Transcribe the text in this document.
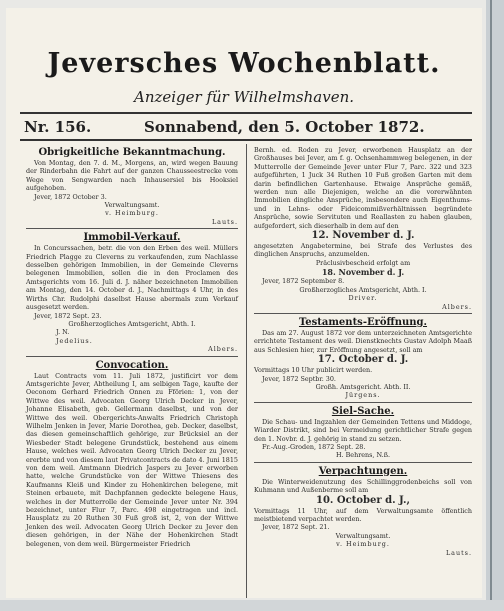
Jeversches Wochenblatt.
Anzeiger für Wilhelmshaven.
Nr. 156.	Sonnabend, den 5. October 1872.

Obrigkeitliche Bekanntmachung.

Von Montag, den 7. d. M., Morgens, an, wird wegen Bauung der Rinderbahn die Fahrt auf der ganzen Chausseestrecke vom Wege von Sengwarden nach Inhausersiel bis Hooksiel aufgehoben.

Jever, 1872 October 3.

Verwaltungsamt.

v. Heimburg.

Lauts.

Immobil-Verkauf.

In Concurssachen, betr. die von den Erben des weil. Müllers Friedrich Plagge zu Cleverns zu verkaufenden, zum Nachlasse desselben gehörigen Immobilien, in der Gemeinde Cleverns belegenen Immobilien, sollen die in den Proclamen des Amtsgerichts vom 16. Juli d. J. näher bezeichneten Immobilien am Montag, den 14. October d. J., Nachmittags 4 Uhr, in des Wirths Chr. Rudolphi daselbst Hause abermals zum Verkauf ausgesetzt werden.

Jever, 1872 Sept. 23.

Großherzogliches Amtsgericht, Abth. I.

J. N.

Jedelius.

Albers.

Convocation.

Laut Contracts vom 11. Juli 1872, justificirt vor dem Amtsgerichte Jever, Abtheilung I, am selbigen Tage, kaufte der Oeconom Gerhard Friedrich Onnen zu Fförien: 1, von der Wittwe des weil. Advocaten Georg Ulrich Decker in Jever, Johanne Elisabeth, geb. Gellermann daselbst, und von der Wittwe des weil. Obergerichts-Anwalts Friedrich Christoph Wilhelm Jenken in Jever, Marie Dorothea, geb. Decker, daselbst, das diesen gemeinschaftlich gehörige, zur Brücksiel an der Wiesbeder Stadt belegene Grundstück, bestehend aus einem Hause, welches weil. Advocaten Georg Ulrich Decker zu Jever, ererbte und von diesem laut Privatcontracts de dato 4. Juni 1815 von dem weil. Amtmann Diedrich Jaspers zu Jever erworben hatte, welche Grundstücke von der Wittwe Thiesens des Kaufmanns Kleiß und Kinder zu Hohenkirchen belegene, mit Steinen erbauete, mit Dachpfannen gedeckte belegene Haus, welches in der Mutterrolle der Gemeinde Jever unter Nr. 394 bezeichnet, unter Flur 7, Parc. 498 eingetragen und incl. Hausplatz zu 20 Ruthen 30 Fuß groß ist, 2, von der Wittwe Jenken des weil. Advocaten Georg Ulrich Decker zu Jever den diesen gehörigen, in der Nähe der Hohenkirchen Stadt belegenen, von dem weil. Bürgermeister Friedrich

Bernh. ed. Roden zu Jever, erworbenen Hausplatz an der Großhauses bei Jever, am f. g. Ochsenhammweg belegenen, in der Mutterrolle der Gemeinde Jever unter Flur 7, Parc. 322 und 323 aufgeführten, 1 Juck 34 Ruthen 10 Fuß großen Garten mit dem darin befindlichen Gartenhause. Etwaige Ansprüche gemäß, werden nun alle Diejenigen, welche an die vorerwähnten Immobilien dingliche Ansprüche, insbesondere auch Eigenthums- und in Lehns- oder Fideicommißverhältnissen begründete Ansprüche, sowie Servituten und Reallasten zu haben glauben, aufgefordert, sich dieserhalb in dem auf den

12. November d. J.

angesetzten Angabetermine, bei Strafe des Verlustes des dinglichen Anspruchs, anzumelden.

Präclusivbescheid erfolgt am

18. November d. J.

Jever, 1872 September 8.

Großherzogliches Amtsgericht, Abth. I.

Driver.

Albers.

Testaments-Eröffnung.

Das am 27. August 1872 vor dem unterzeichneten Amtsgerichte errichtete Testament des weil. Dienstknechts Gustav Adolph Maaß aus Schlesien hier, zur Eröffnung angesetzt, soll am

17. October d. J.

Vormittags 10 Uhr publicirt werden.

Jever, 1872 Septbr. 30.

Großh. Amtsgericht. Abth. II.

Jürgens.

Siel-Sache.

Die Schau- und Ingzahlen der Gemeinden Tettens und Middoge, Wiarder Distrikt, sind bei Vermeidung gerichtlicher Strafe gegen den 1. Novbr. d. J. gehörig in stand zu setzen.

Fr.-Aug.-Groden, 1872 Sept. 28.

H. Behrens, N.ß.

Verpachtungen.

Die Winterweidenutzung des Schillinggrodenbeichs soll von Kuhmann und Außenberme soll am

10. October d. J.,

Vormittags 11 Uhr, auf dem Verwaltungsamte öffentlich meistbietend verpachtet werden.

Jever, 1872 Sept. 21.

Verwaltungsamt.

v. Heimburg.

Lauts.
